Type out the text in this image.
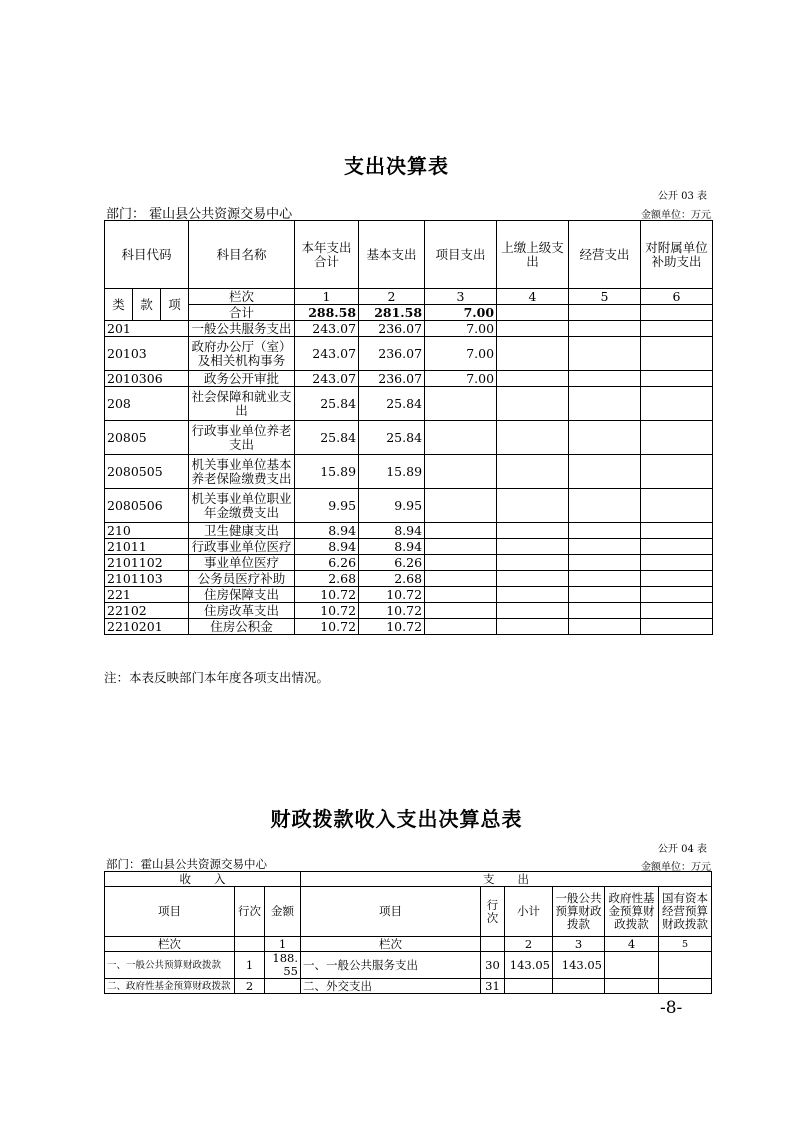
支出决算表
公开 03 表
部门： 霍山县公共资源交易中心	金额单位：万元
科目代码			科目名称	本年支出合计	基本支出	项目支出	上缴上级支出	经营支出	对附属单位补助支出
类	款	项	栏次	1	2	3	4	5	6
			合计	288.58	281.58	7.00			
201			一般公共服务支出	243.07	236.07	7.00			
20103			政府办公厅（室）及相关机构事务	243.07	236.07	7.00			
2010306			政务公开审批	243.07	236.07	7.00			
208			社会保障和就业支出	25.84	25.84				
20805			行政事业单位养老支出	25.84	25.84				
2080505			机关事业单位基本养老保险缴费支出	15.89	15.89				
2080506			机关事业单位职业年金缴费支出	9.95	9.95				
210			卫生健康支出	8.94	8.94				
21011			行政事业单位医疗	8.94	8.94				
2101102			事业单位医疗	6.26	6.26				
2101103			公务员医疗补助	2.68	2.68				
221			住房保障支出	10.72	10.72				
22102			住房改革支出	10.72	10.72				
2210201			住房公积金	10.72	10.72				
注：本表反映部门本年度各项支出情况。
财政拨款收入支出决算总表
公开 04 表
部门：霍山县公共资源交易中心	金额单位：万元
收　　入			支　　出					
项目	行次	金额	项目	行次	小计	一般公共预算财政拨款	政府性基金预算财政拨款	国有资本经营预算财政拨款
栏次		1	栏次		2	3	4	5
一、一般公共预算财政拨款	1	188.55	一、一般公共服务支出	30	143.05	143.05		
二、政府性基金预算财政拨款	2		二、外交支出	31				
-8-
